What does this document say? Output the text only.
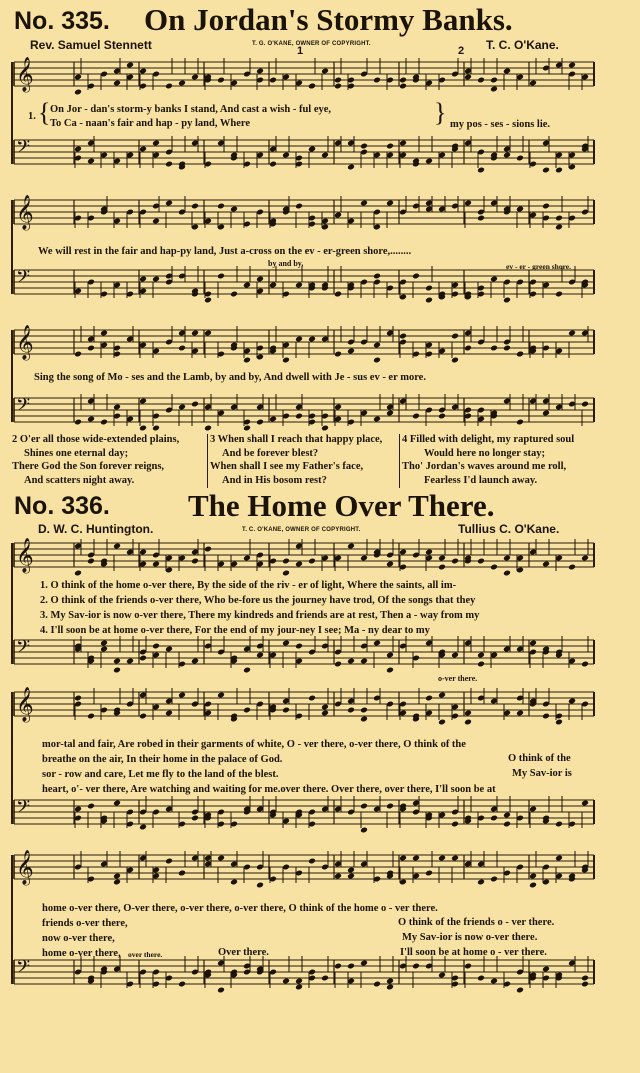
𝄞
𝄢
𝄞
𝄢
𝄞
𝄢
𝄞
𝄢
𝄞
𝄢
𝄞
𝄢
No. 335. On Jordan's Stormy Banks.
Rev. Samuel Stennett	T. G. O'KANE, OWNER OF COPYRIGHT.	T. C. O'Kane.
1	2
1. { On Jor - dan's storm-y banks I stand, And cast a wish - ful eye,
To Ca - naan's fair and hap - py land, Where	} my pos - ses - sions lie.
We will rest in the fair and hap-py land, Just a-cross on the ev - er-green shore,........
by and by,	ev - er - green shore.
Sing the song of Mo - ses and the Lamb, by and by, And dwell with Je - sus ev - er more.
2 O'er all those wide-extended plains,
Shines one eternal day;
There God the Son forever reigns,
And scatters night away.
3 When shall I reach that happy place,
And be forever blest?
When shall I see my Father's face,
And in His bosom rest?
4 Filled with delight, my raptured soul
Would here no longer stay;
Tho' Jordan's waves around me roll,
Fearless I'd launch away.
No. 336.	The Home Over There.
D. W. C. Huntington.	T. C. O'KANE, OWNER OF COPYRIGHT.	Tullius C. O'Kane.
1. O think of the home o-ver there, By the side of the riv - er of light, Where the saints, all im-
2. O think of the friends o-ver there, Who be-fore us the journey have trod, Of the songs that they
3. My Sav-ior is now o-ver there, There my kindreds and friends are at rest, Then a - way from my
4. I'll soon be at home o-ver there, For the end of my jour-ney I see; Ma - ny dear to my
o-ver there.
mor-tal and fair, Are robed in their garments of white, O - ver there, o-ver there, O think of the
breathe on the air, In their home in the palace of God.
sor - row and care, Let me fly to the land of the blest.
heart, o'- ver there, Are watching and waiting for me.over there. Over there, over there, I'll soon be at
O think of the
My Sav-ior is
home o-ver there, O-ver there, o-ver there, o-ver there, O think of the home o - ver there.
friends o-ver there,
now o-ver there,
home o-ver there,
O think of the friends o - ver there.
My Sav-ior is now o-ver there.
I'll soon be at home o - ver there.
over there.	Over there.
